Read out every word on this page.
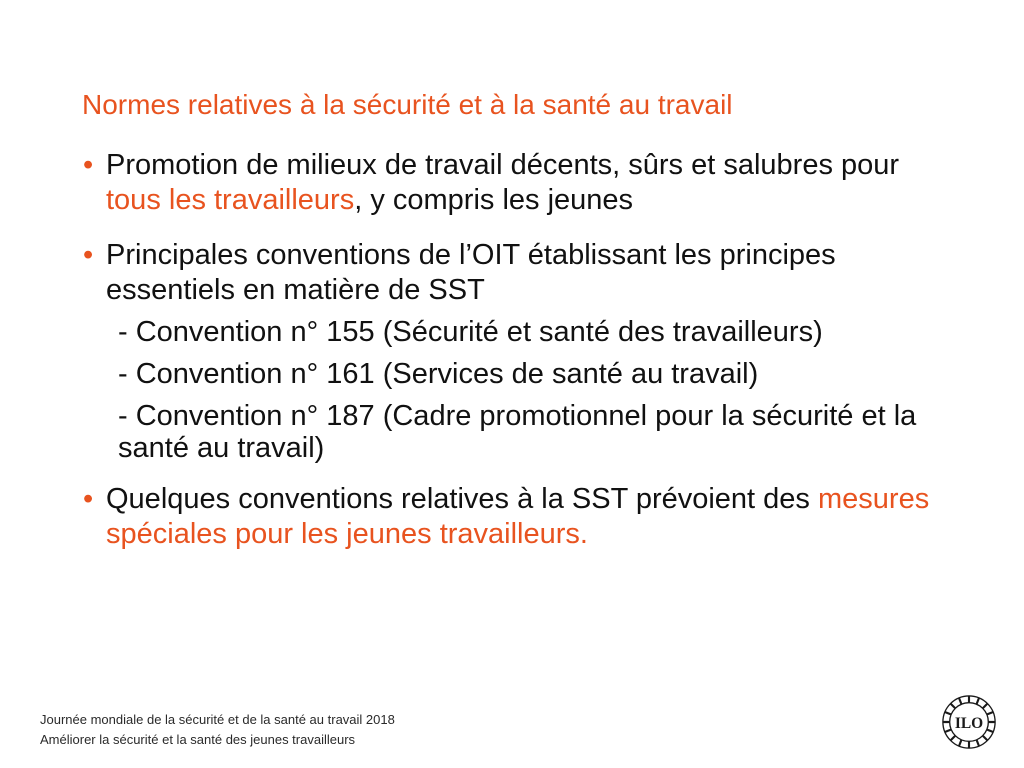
Normes relatives à la sécurité et à la santé au travail
• Promotion de milieux de travail décents, sûrs et salubres pour tous les travailleurs, y compris les jeunes
• Principales conventions de l’OIT établissant les principes essentiels en matière de SST
- Convention n° 155 (Sécurité et santé des travailleurs)
- Convention n° 161 (Services de santé au travail)
- Convention n° 187 (Cadre promotionnel pour la sécurité et la santé au travail)
• Quelques conventions relatives à la SST prévoient des mesures spéciales pour les jeunes travailleurs.
Journée mondiale de la sécurité et de la santé au travail 2018
Améliorer la sécurité et la santé des jeunes travailleurs
ILO
